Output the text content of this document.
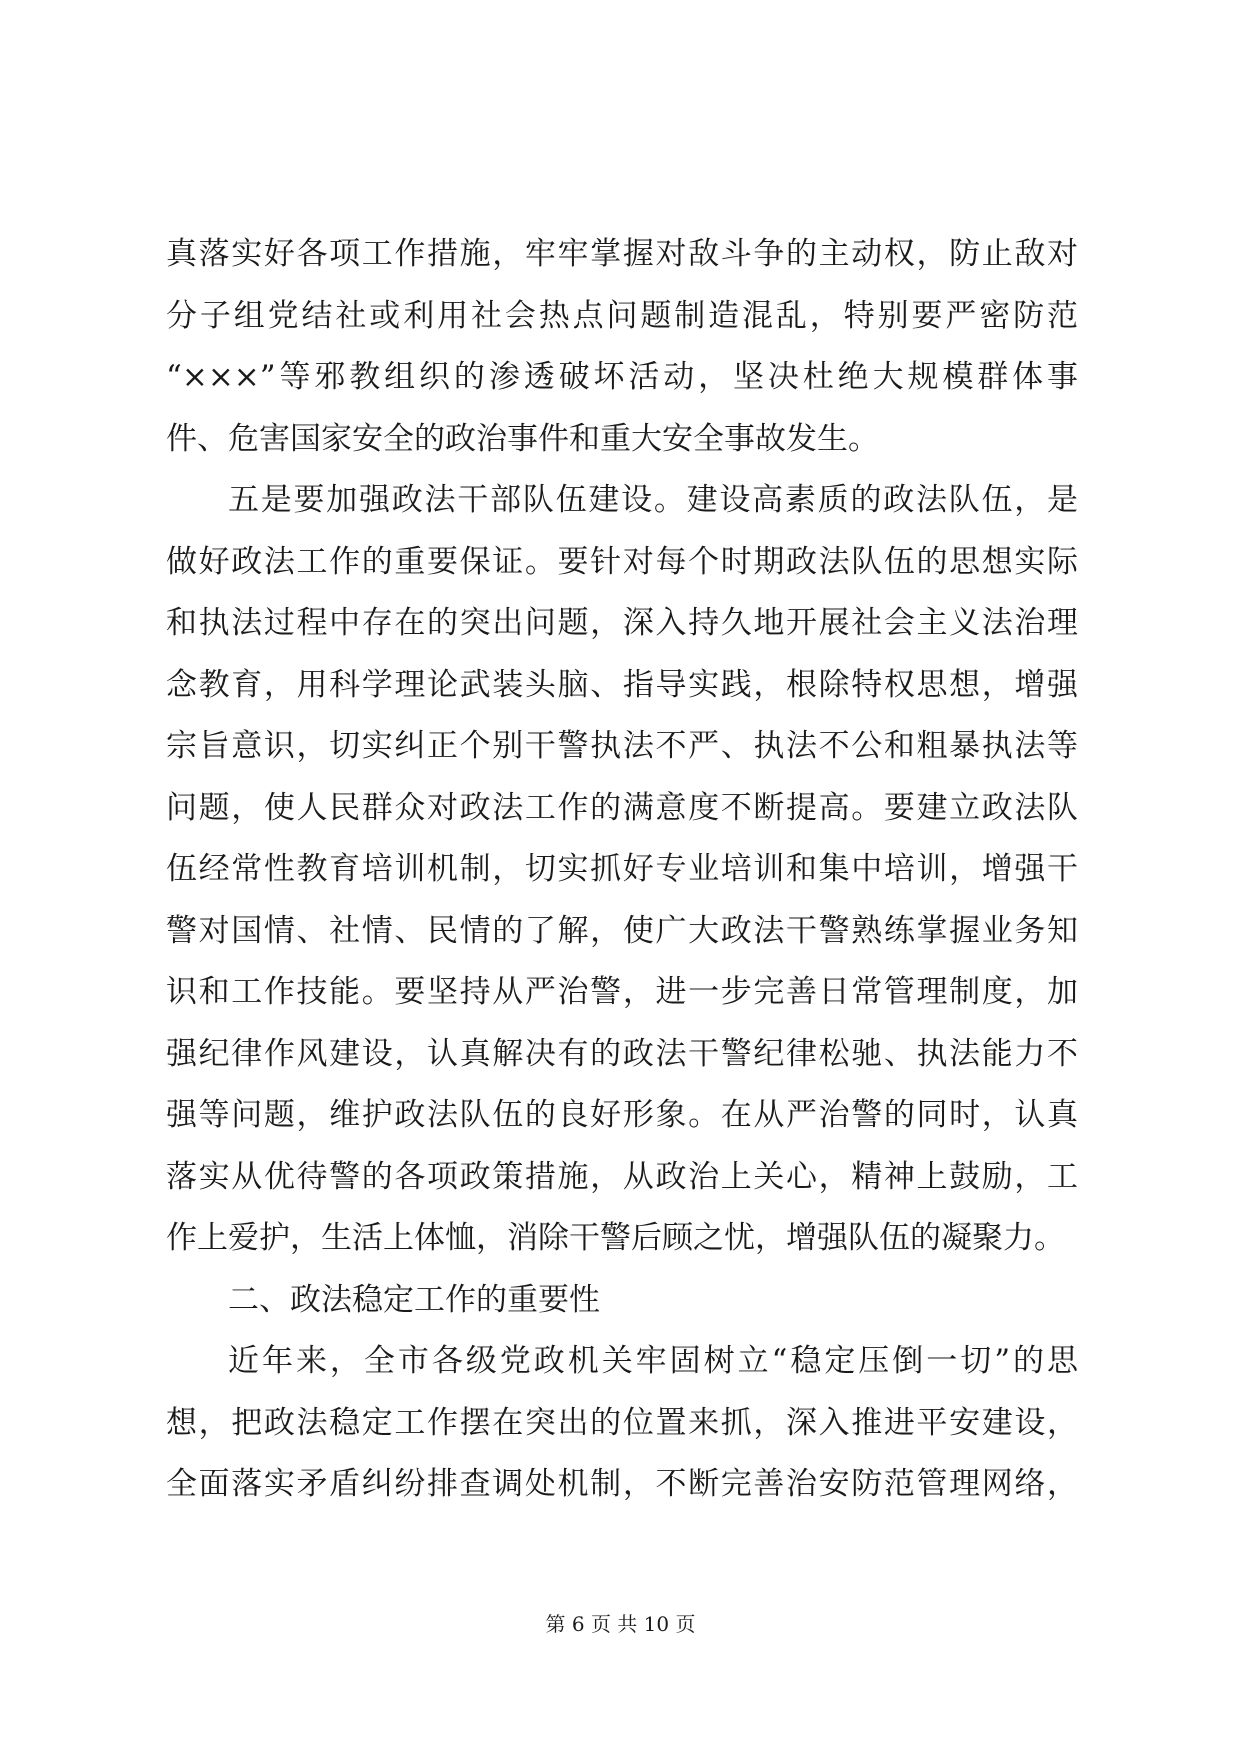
真落实好各项工作措施，牢牢掌握对敌斗争的主动权，防止敌对
分子组党结社或利用社会热点问题制造混乱，特别要严密防范
“×××”等邪教组织的渗透破坏活动，坚决杜绝大规模群体事
件、危害国家安全的政治事件和重大安全事故发生。
五是要加强政法干部队伍建设。建设高素质的政法队伍，是
做好政法工作的重要保证。要针对每个时期政法队伍的思想实际
和执法过程中存在的突出问题，深入持久地开展社会主义法治理
念教育，用科学理论武装头脑、指导实践，根除特权思想，增强
宗旨意识，切实纠正个别干警执法不严、执法不公和粗暴执法等
问题，使人民群众对政法工作的满意度不断提高。要建立政法队
伍经常性教育培训机制，切实抓好专业培训和集中培训，增强干
警对国情、社情、民情的了解，使广大政法干警熟练掌握业务知
识和工作技能。要坚持从严治警，进一步完善日常管理制度，加
强纪律作风建设，认真解决有的政法干警纪律松驰、执法能力不
强等问题，维护政法队伍的良好形象。在从严治警的同时，认真
落实从优待警的各项政策措施，从政治上关心，精神上鼓励，工
作上爱护，生活上体恤，消除干警后顾之忧，增强队伍的凝聚力。
二、政法稳定工作的重要性
近年来，全市各级党政机关牢固树立“稳定压倒一切”的思
想，把政法稳定工作摆在突出的位置来抓，深入推进平安建设，
全面落实矛盾纠纷排查调处机制，不断完善治安防范管理网络，
第 6 页 共 10 页
